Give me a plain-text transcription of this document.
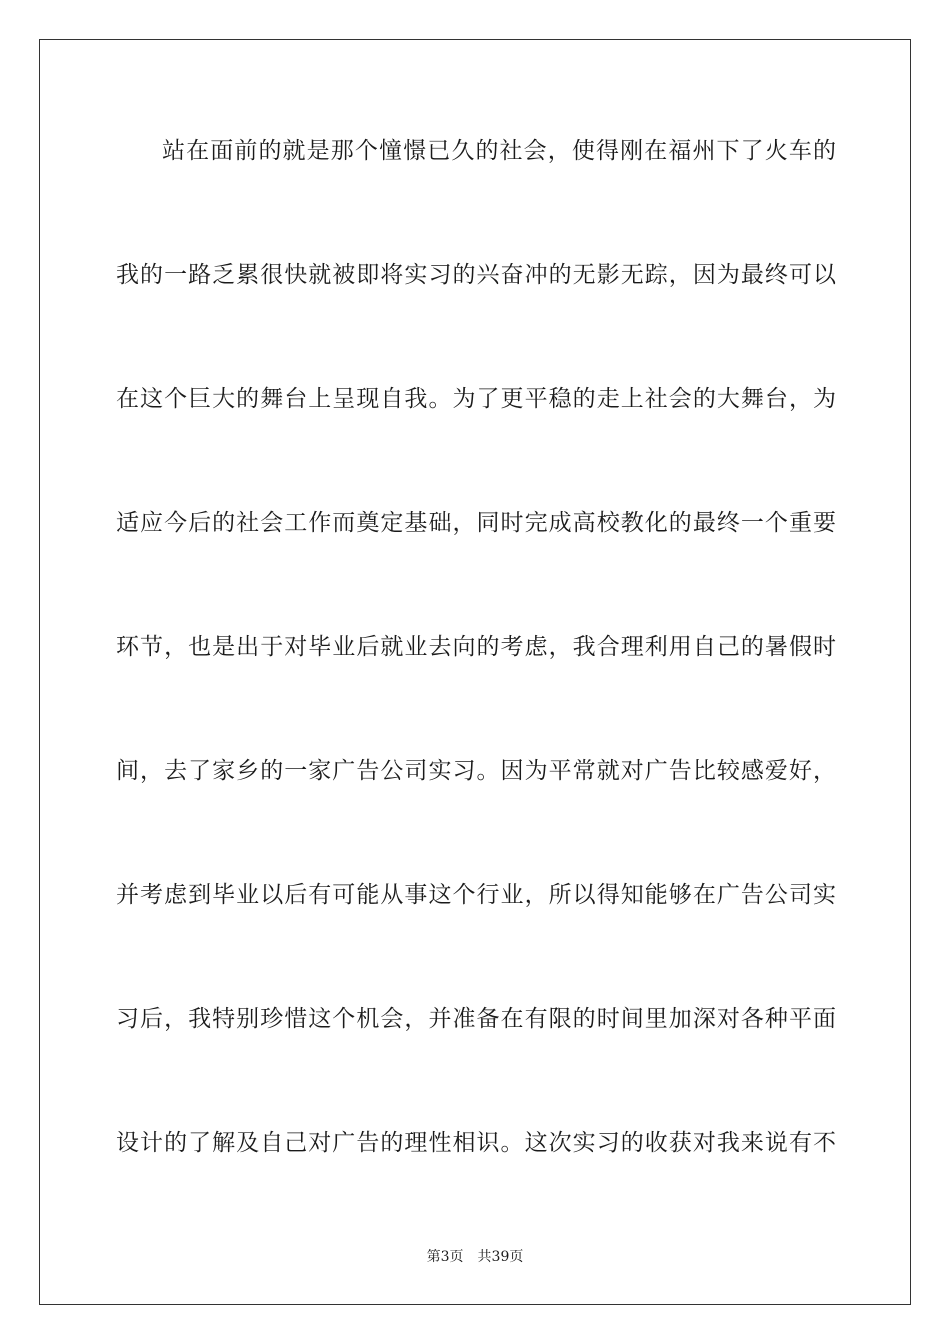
站在面前的就是那个憧憬已久的社会，使得刚在福州下了火车的
我的一路乏累很快就被即将实习的兴奋冲的无影无踪，因为最终可以
在这个巨大的舞台上呈现自我。为了更平稳的走上社会的大舞台，为
适应今后的社会工作而奠定基础，同时完成高校教化的最终一个重要
环节，也是出于对毕业后就业去向的考虑，我合理利用自己的暑假时
间，去了家乡的一家广告公司实习。因为平常就对广告比较感爱好，
并考虑到毕业以后有可能从事这个行业，所以得知能够在广告公司实
习后，我特别珍惜这个机会，并准备在有限的时间里加深对各种平面
设计的了解及自己对广告的理性相识。这次实习的收获对我来说有不
第3页 共39页
